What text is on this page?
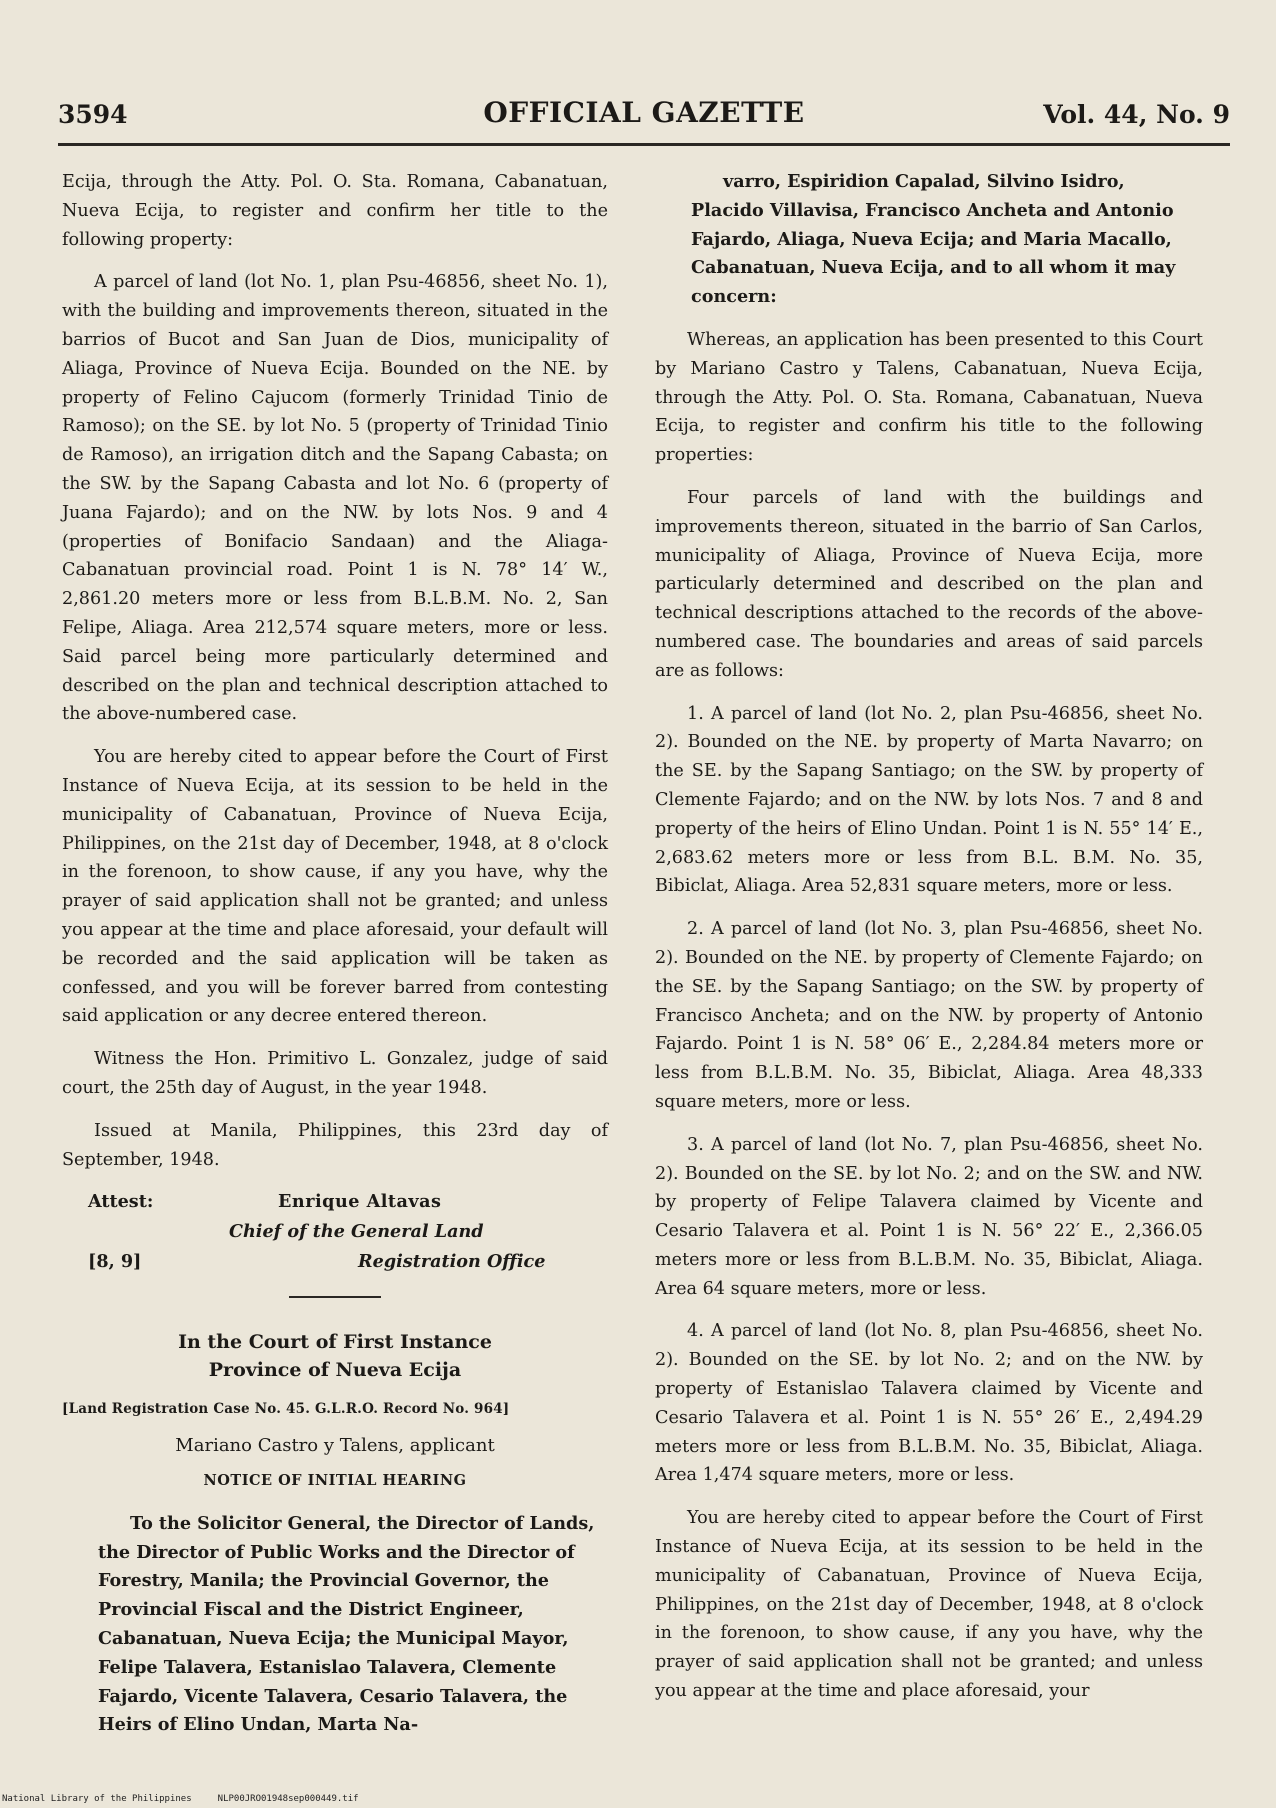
3594	OFFICIAL GAZETTE	Vol. 44, No. 9

Ecija, through the Atty. Pol. O. Sta. Romana, Cabanatuan, Nueva Ecija, to register and confirm her title to the following property:

A parcel of land (lot No. 1, plan Psu-46856, sheet No. 1), with the building and improvements thereon, situated in the barrios of Bucot and San Juan de Dios, municipality of Aliaga, Province of Nueva Ecija. Bounded on the NE. by property of Felino Cajucom (formerly Trinidad Tinio de Ramoso); on the SE. by lot No. 5 (property of Trinidad Tinio de Ramoso), an irrigation ditch and the Sapang Cabasta; on the SW. by the Sapang Cabasta and lot No. 6 (property of Juana Fajardo); and on the NW. by lots Nos. 9 and 4 (properties of Bonifacio Sandaan) and the Aliaga-Cabanatuan provincial road. Point 1 is N. 78° 14′ W., 2,861.20 meters more or less from B.L.B.M. No. 2, San Felipe, Aliaga. Area 212,574 square meters, more or less. Said parcel being more particularly determined and described on the plan and technical description attached to the above-numbered case.

You are hereby cited to appear before the Court of First Instance of Nueva Ecija, at its session to be held in the municipality of Cabanatuan, Province of Nueva Ecija, Philippines, on the 21st day of December, 1948, at 8 o'clock in the forenoon, to show cause, if any you have, why the prayer of said application shall not be granted; and unless you appear at the time and place aforesaid, your default will be recorded and the said application will be taken as confessed, and you will be forever barred from contesting said application or any decree entered thereon.

Witness the Hon. Primitivo L. Gonzalez, judge of said court, the 25th day of August, in the year 1948.

Issued at Manila, Philippines, this 23rd day of September, 1948.

Attest:	Enrique Altavas
Chief of the General Land
[8, 9]	Registration Office
In the Court of First Instance
Province of Nueva Ecija
[Land Registration Case No. 45. G.L.R.O. Record No. 964]
Mariano Castro y Talens, applicant
NOTICE OF INITIAL HEARING

To the Solicitor General, the Director of Lands, the Director of Public Works and the Director of Forestry, Manila; the Provincial Governor, the Provincial Fiscal and the District Engineer, Cabanatuan, Nueva Ecija; the Municipal Mayor, Felipe Talavera, Estanislao Talavera, Clemente Fajardo, Vicente Talavera, Cesario Talavera, the Heirs of Elino Undan, Marta Na-

varro, Espiridion Capalad, Silvino Isidro, Placido Villavisa, Francisco Ancheta and Antonio Fajardo, Aliaga, Nueva Ecija; and Maria Macallo, Cabanatuan, Nueva Ecija, and to all whom it may concern:

Whereas, an application has been presented to this Court by Mariano Castro y Talens, Cabanatuan, Nueva Ecija, through the Atty. Pol. O. Sta. Romana, Cabanatuan, Nueva Ecija, to register and confirm his title to the following properties:

Four parcels of land with the buildings and improvements thereon, situated in the barrio of San Carlos, municipality of Aliaga, Province of Nueva Ecija, more particularly determined and described on the plan and technical descriptions attached to the records of the above-numbered case. The boundaries and areas of said parcels are as follows:

1. A parcel of land (lot No. 2, plan Psu-46856, sheet No. 2). Bounded on the NE. by property of Marta Navarro; on the SE. by the Sapang Santiago; on the SW. by property of Clemente Fajardo; and on the NW. by lots Nos. 7 and 8 and property of the heirs of Elino Undan. Point 1 is N. 55° 14′ E., 2,683.62 meters more or less from B.L. B.M. No. 35, Bibiclat, Aliaga. Area 52,831 square meters, more or less.

2. A parcel of land (lot No. 3, plan Psu-46856, sheet No. 2). Bounded on the NE. by property of Clemente Fajardo; on the SE. by the Sapang Santiago; on the SW. by property of Francisco Ancheta; and on the NW. by property of Antonio Fajardo. Point 1 is N. 58° 06′ E., 2,284.84 meters more or less from B.L.B.M. No. 35, Bibiclat, Aliaga. Area 48,333 square meters, more or less.

3. A parcel of land (lot No. 7, plan Psu-46856, sheet No. 2). Bounded on the SE. by lot No. 2; and on the SW. and NW. by property of Felipe Talavera claimed by Vicente and Cesario Talavera et al. Point 1 is N. 56° 22′ E., 2,366.05 meters more or less from B.L.B.M. No. 35, Bibiclat, Aliaga. Area 64 square meters, more or less.

4. A parcel of land (lot No. 8, plan Psu-46856, sheet No. 2). Bounded on the SE. by lot No. 2; and on the NW. by property of Estanislao Talavera claimed by Vicente and Cesario Talavera et al. Point 1 is N. 55° 26′ E., 2,494.29 meters more or less from B.L.B.M. No. 35, Bibiclat, Aliaga. Area 1,474 square meters, more or less.

You are hereby cited to appear before the Court of First Instance of Nueva Ecija, at its session to be held in the municipality of Cabanatuan, Province of Nueva Ecija, Philippines, on the 21st day of December, 1948, at 8 o'clock in the forenoon, to show cause, if any you have, why the prayer of said application shall not be granted; and unless you appear at the time and place aforesaid, your

National Library of the Philippines	NLP00JRO01948sep000449.tif
